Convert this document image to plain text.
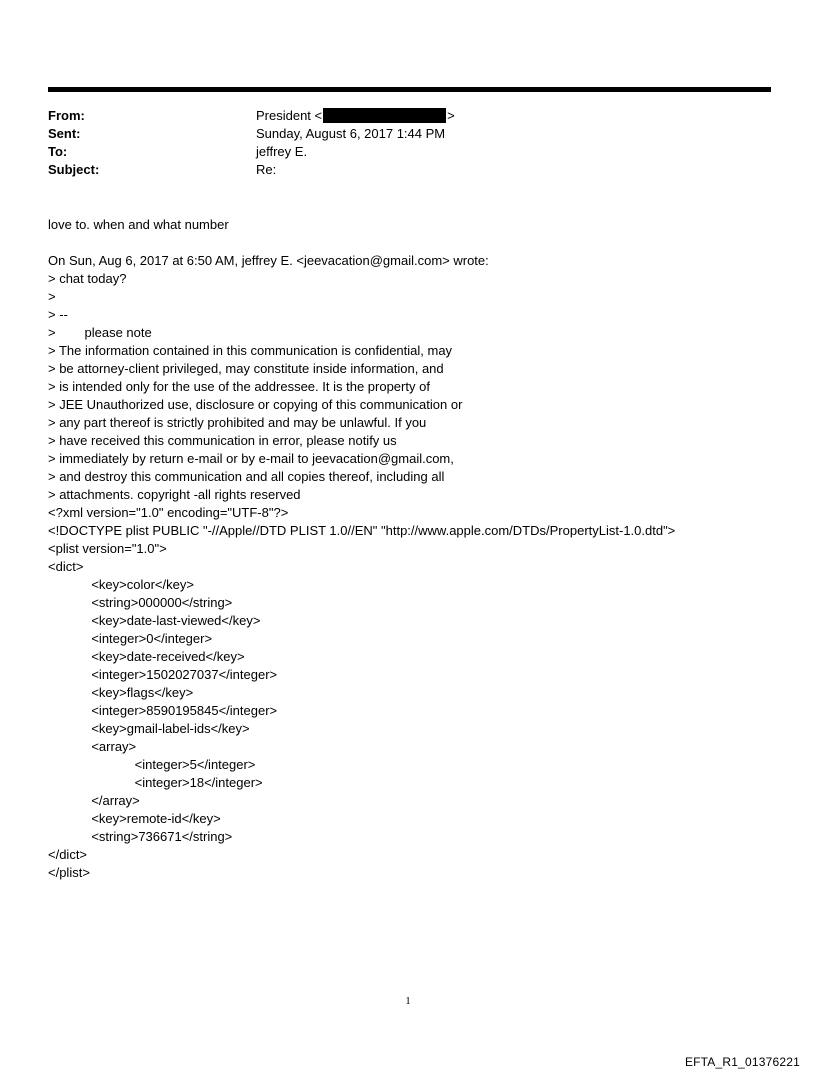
From:	President <	>
Sent:	Sunday, August 6, 2017 1:44 PM
To:	jeffrey E.
Subject:	Re:
love to. when and what number
On Sun, Aug 6, 2017 at 6:50 AM, jeffrey E. <jeevacation@gmail.com> wrote:
> chat today?
>
> --
>        please note
> The information contained in this communication is confidential, may
> be attorney-client privileged, may constitute inside information, and
> is intended only for the use of the addressee. It is the property of
> JEE Unauthorized use, disclosure or copying of this communication or
> any part thereof is strictly prohibited and may be unlawful. If you
> have received this communication in error, please notify us
> immediately by return e-mail or by e-mail to jeevacation@gmail.com,
> and destroy this communication and all copies thereof, including all
> attachments. copyright -all rights reserved
<?xml version="1.0" encoding="UTF-8"?>
<!DOCTYPE plist PUBLIC "-//Apple//DTD PLIST 1.0//EN" "http://www.apple.com/DTDs/PropertyList-1.0.dtd">
<plist version="1.0">
<dict>
<key>color</key>
<string>000000</string>
<key>date-last-viewed</key>
<integer>0</integer>
<key>date-received</key>
<integer>1502027037</integer>
<key>flags</key>
<integer>8590195845</integer>
<key>gmail-label-ids</key>
<array>
<integer>5</integer>
<integer>18</integer>
</array>
<key>remote-id</key>
<string>736671</string>
</dict>
</plist>
1
EFTA_R1_01376221
